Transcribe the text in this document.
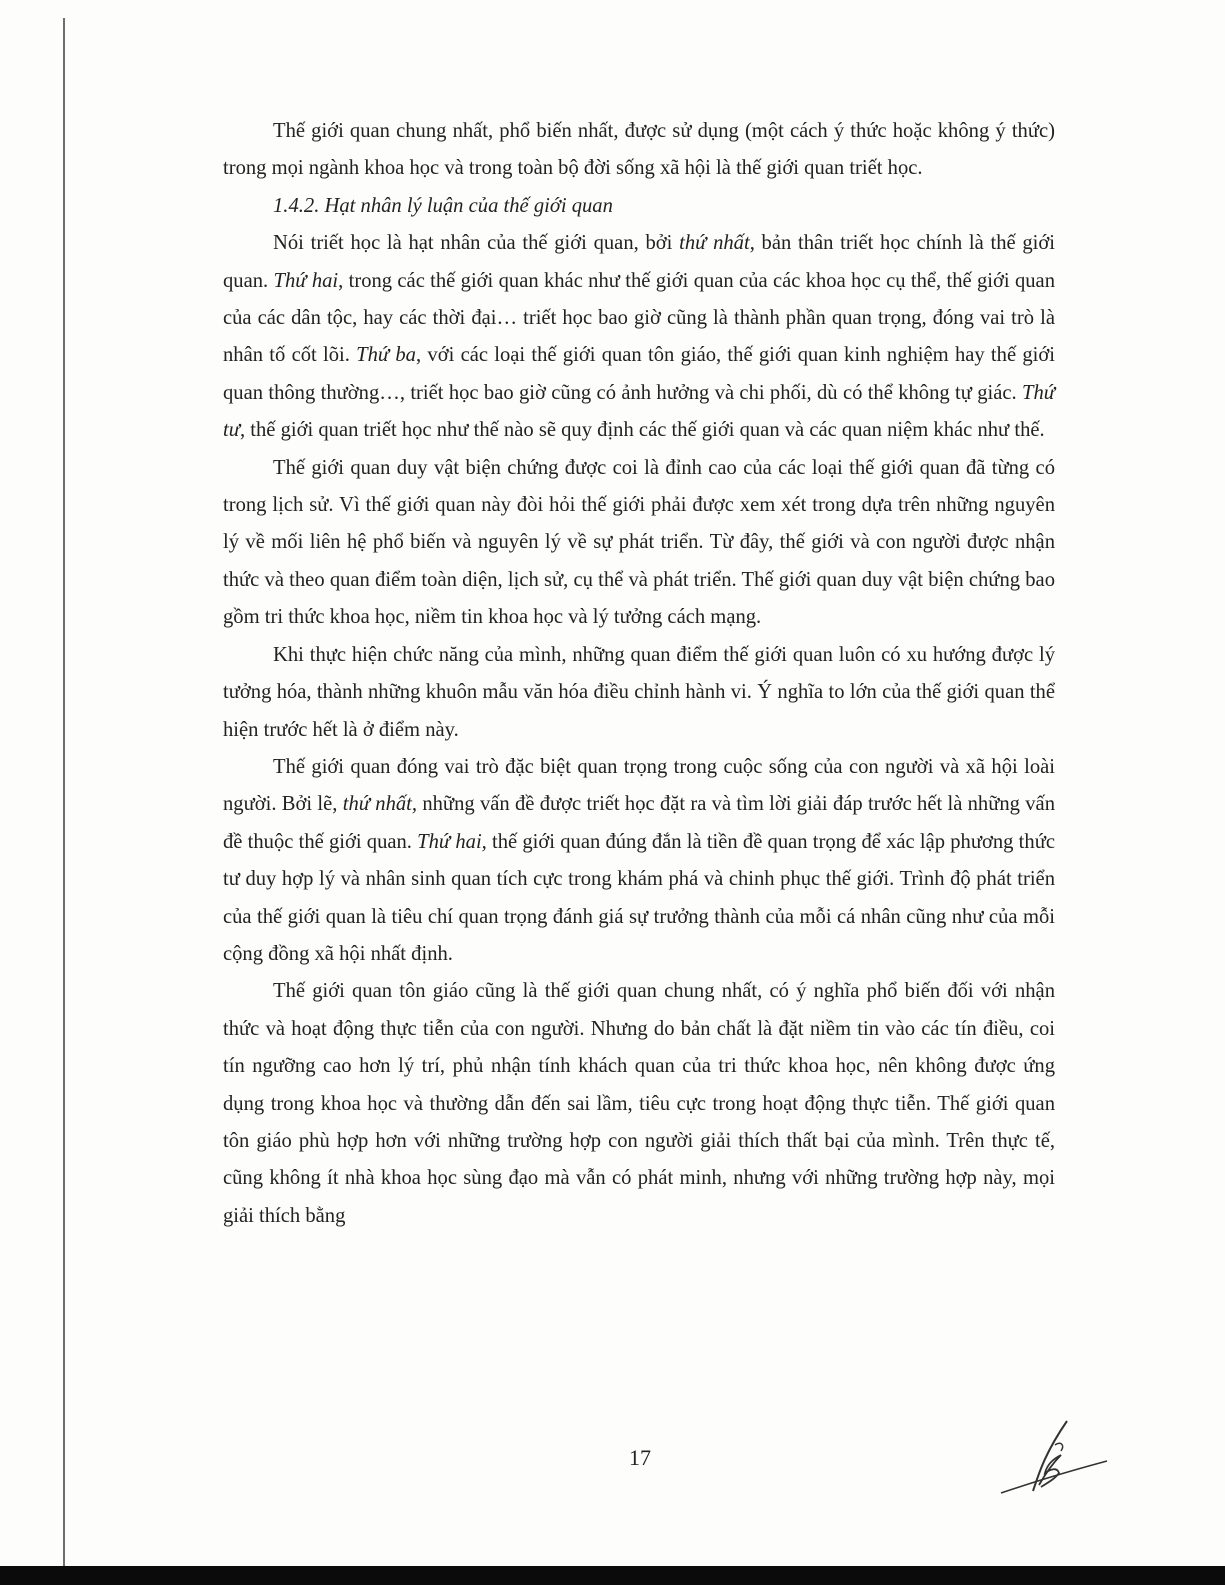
Thế giới quan chung nhất, phổ biến nhất, được sử dụng (một cách ý thức hoặc không ý thức) trong mọi ngành khoa học và trong toàn bộ đời sống xã hội là thế giới quan triết học.

1.4.2. Hạt nhân lý luận của thế giới quan

Nói triết học là hạt nhân của thế giới quan, bởi thứ nhất, bản thân triết học chính là thế giới quan. Thứ hai, trong các thế giới quan khác như thế giới quan của các khoa học cụ thể, thế giới quan của các dân tộc, hay các thời đại… triết học bao giờ cũng là thành phần quan trọng, đóng vai trò là nhân tố cốt lõi. Thứ ba, với các loại thế giới quan tôn giáo, thế giới quan kinh nghiệm hay thế giới quan thông thường…, triết học bao giờ cũng có ảnh hưởng và chi phối, dù có thể không tự giác. Thứ tư, thế giới quan triết học như thế nào sẽ quy định các thế giới quan và các quan niệm khác như thế.

Thế giới quan duy vật biện chứng được coi là đỉnh cao của các loại thế giới quan đã từng có trong lịch sử. Vì thế giới quan này đòi hỏi thế giới phải được xem xét trong dựa trên những nguyên lý về mối liên hệ phổ biến và nguyên lý về sự phát triển. Từ đây, thế giới và con người được nhận thức và theo quan điểm toàn diện, lịch sử, cụ thể và phát triển. Thế giới quan duy vật biện chứng bao gồm tri thức khoa học, niềm tin khoa học và lý tưởng cách mạng.

Khi thực hiện chức năng của mình, những quan điểm thế giới quan luôn có xu hướng được lý tưởng hóa, thành những khuôn mẫu văn hóa điều chỉnh hành vi. Ý nghĩa to lớn của thế giới quan thể hiện trước hết là ở điểm này.

Thế giới quan đóng vai trò đặc biệt quan trọng trong cuộc sống của con người và xã hội loài người. Bởi lẽ, thứ nhất, những vấn đề được triết học đặt ra và tìm lời giải đáp trước hết là những vấn đề thuộc thế giới quan. Thứ hai, thế giới quan đúng đắn là tiền đề quan trọng để xác lập phương thức tư duy hợp lý và nhân sinh quan tích cực trong khám phá và chinh phục thế giới. Trình độ phát triển của thế giới quan là tiêu chí quan trọng đánh giá sự trưởng thành của mỗi cá nhân cũng như của mỗi cộng đồng xã hội nhất định.

Thế giới quan tôn giáo cũng là thế giới quan chung nhất, có ý nghĩa phổ biến đối với nhận thức và hoạt động thực tiễn của con người. Nhưng do bản chất là đặt niềm tin vào các tín điều, coi tín ngưỡng cao hơn lý trí, phủ nhận tính khách quan của tri thức khoa học, nên không được ứng dụng trong khoa học và thường dẫn đến sai lầm, tiêu cực trong hoạt động thực tiễn. Thế giới quan tôn giáo phù hợp hơn với những trường hợp con người giải thích thất bại của mình. Trên thực tế, cũng không ít nhà khoa học sùng đạo mà vẫn có phát minh, nhưng với những trường hợp này, mọi giải thích bằng

17
